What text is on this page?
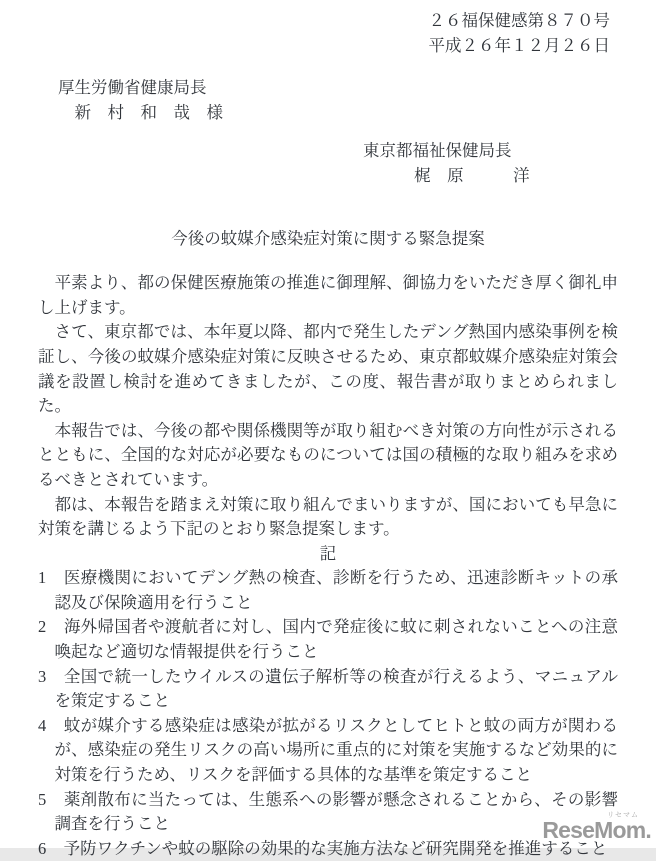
２６福保健感第８７０号
平成２６年１２月２６日
厚生労働省健康局長
新　村　和　哉　様
東京都福祉保健局長
梶　原　　　洋
今後の蚊媒介感染症対策に関する緊急提案

　平素より、都の保健医療施策の推進に御理解、御協力をいただき厚く御礼申し上げます。

　さて、東京都では、本年夏以降、都内で発生したデング熱国内感染事例を検証し、今後の蚊媒介感染症対策に反映させるため、東京都蚊媒介感染症対策会議を設置し検討を進めてきましたが、この度、報告書が取りまとめられました。

　本報告では、今後の都や関係機関等が取り組むべき対策の方向性が示されるとともに、全国的な対応が必要なものについては国の積極的な取り組みを求めるべきとされています。

　都は、本報告を踏まえ対策に取り組んでまいりますが、国においても早急に対策を講じるよう下記のとおり緊急提案します。

記

1 医療機関においてデング熱の検査、診断を行うため、迅速診断キットの承認及び保険適用を行うこと
2 海外帰国者や渡航者に対し、国内で発症後に蚊に刺されないことへの注意喚起など適切な情報提供を行うこと
3 全国で統一したウイルスの遺伝子解析等の検査が行えるよう、マニュアルを策定すること
4 蚊が媒介する感染症は感染が拡がるリスクとしてヒトと蚊の両方が関わるが、感染症の発生リスクの高い場所に重点的に対策を実施するなど効果的に対策を行うため、リスクを評価する具体的な基準を策定すること
5 薬剤散布に当たっては、生態系への影響が懸念されることから、その影響調査を行うこと
6 予防ワクチンや蚊の駆除の効果的な実施方法など研究開発を推進すること
リセマム
ReseMom.
